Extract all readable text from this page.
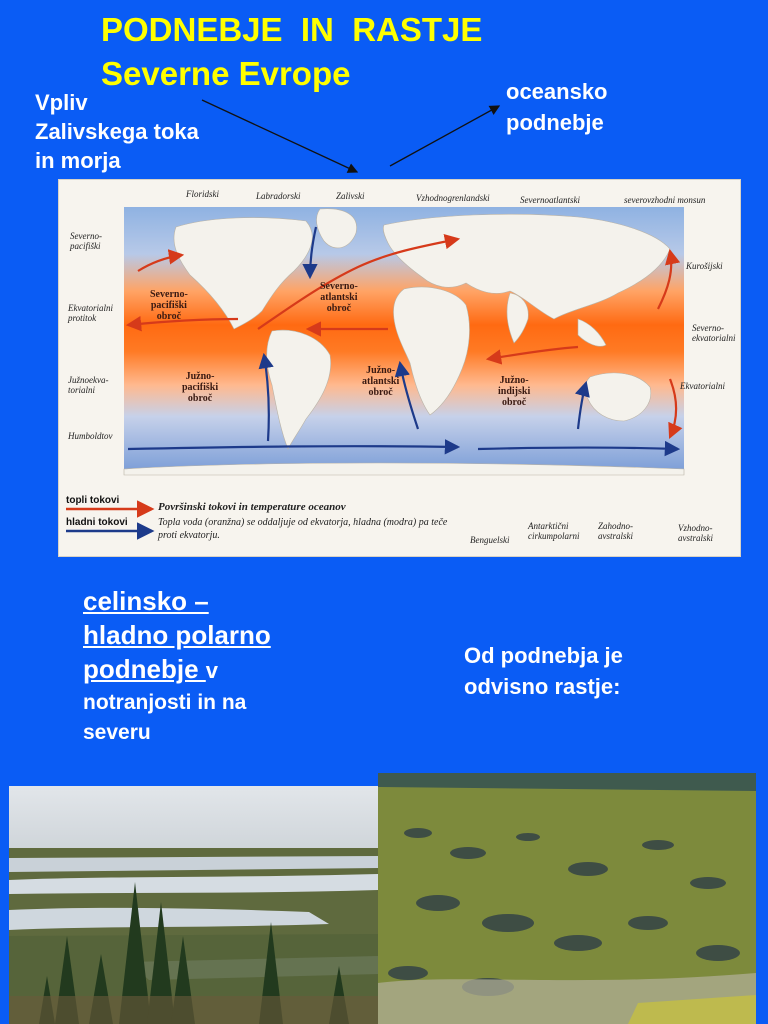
PODNEBJE  IN  RASTJE
Severne Evrope
Vpliv
Zalivskega toka
in morja
oceansko
podnebje
Floridski	Labradorski	Zalivski	Vzhodnogrenlandski	Severnoatlantski	severovzhodni monsun
Severno-
pacifiški
Ekvatorialni
protitok
Južnoekva-
torialni
Humboldtov
Kurošijski
Severno-
ekvatorialni
Ekvatorialni
Benguelski
Antarktični
cirkumpolarni
Zahodno-
avstralski
Vzhodno-
avstralski
Severno-
pacifiški
obroč
Severno-
atlantski
obroč
Južno-
pacifiški
obroč
Južno-
atlantski
obroč
Južno-
indijski
obroč
topli tokovi
hladni tokovi
Površinski tokovi in temperature oceanov
Topla voda (oranžna) se oddaljuje od ekvatorja, hladna (modra) pa teče proti ekvatorju.
celinsko –
hladno polarno
podnebje v
notranjosti in na
severu
Od podnebja je
odvisno rastje:
